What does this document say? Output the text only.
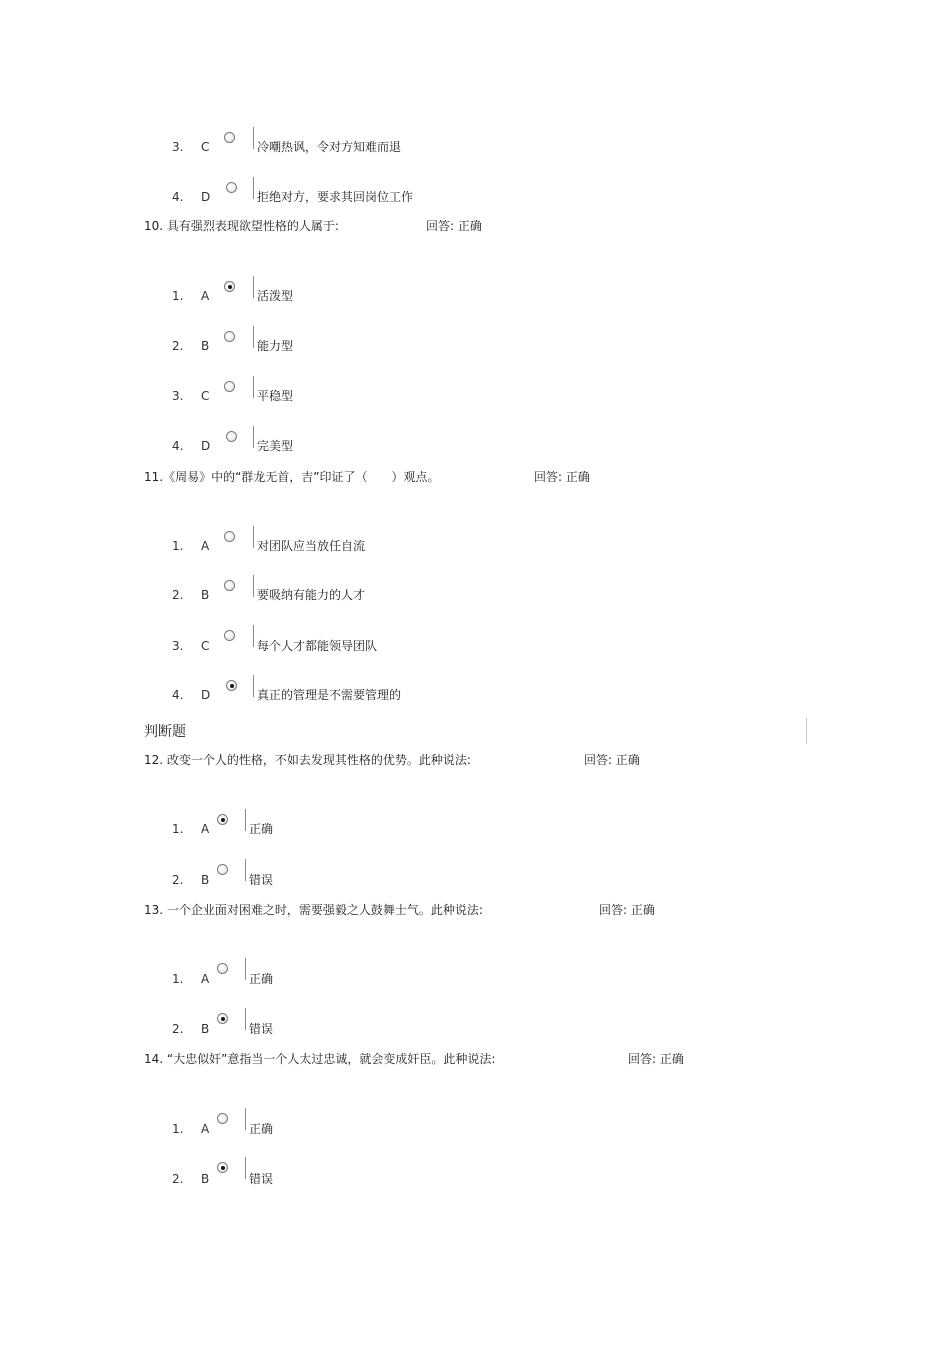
3. C	冷嘲热讽，令对方知难而退
4. D	拒绝对方，要求其回岗位工作
10. 具有强烈表现欲望性格的人属于:	回答: 正确
1. A	活泼型
2. B	能力型
3. C	平稳型
4. D	完美型
11.《周易》中的“群龙无首，吉”印证了（　　）观点。	回答: 正确
1. A	对团队应当放任自流
2. B	要吸纳有能力的人才
3. C	每个人才都能领导团队
4. D	真正的管理是不需要管理的
判断题
12. 改变一个人的性格，不如去发现其性格的优势。此种说法:	回答: 正确
1. A	正确
2. B	错误
13. 一个企业面对困难之时，需要强毅之人鼓舞士气。此种说法:	回答: 正确
1. A	正确
2. B	错误
14. “大忠似奸”意指当一个人太过忠诚，就会变成奸臣。此种说法:	回答: 正确
1. A	正确
2. B	错误
